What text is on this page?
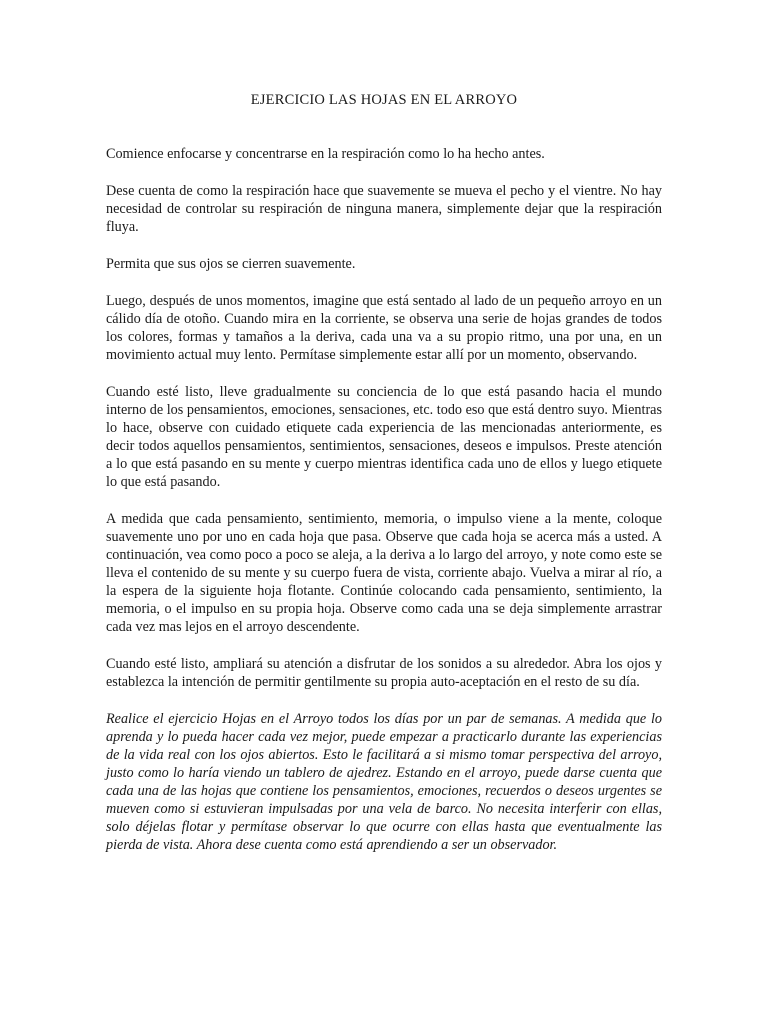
EJERCICIO LAS HOJAS EN EL ARROYO

Comience enfocarse y concentrarse en la respiración como lo ha hecho antes.

Dese cuenta de como la respiración hace que suavemente se mueva el pecho y el vientre. No hay necesidad de controlar su respiración de ninguna manera, simplemente dejar que la respiración fluya.

Permita que sus ojos se cierren suavemente.

Luego, después de unos momentos, imagine que está sentado al lado de un pequeño arroyo en un cálido día de otoño. Cuando mira en la corriente, se observa una serie de hojas grandes de todos los colores, formas y tamaños a la deriva, cada una va a su propio ritmo, una por una, en un movimiento actual muy lento. Permítase simplemente estar allí por un momento, observando.

Cuando esté listo, lleve gradualmente su conciencia de lo que está pasando hacia el mundo interno de los pensamientos, emociones, sensaciones, etc. todo eso que está dentro suyo. Mientras lo hace, observe con cuidado etiquete cada experiencia de las mencionadas anteriormente, es decir todos aquellos pensamientos, sentimientos, sensaciones, deseos e impulsos. Preste atención a lo que está pasando en su mente y cuerpo mientras identifica cada uno de ellos y luego etiquete lo que está pasando.

A medida que cada pensamiento, sentimiento, memoria, o impulso viene a la mente, coloque suavemente uno por uno en cada hoja que pasa. Observe que cada hoja se acerca más a usted. A continuación, vea como poco a poco se aleja, a la deriva a lo largo del arroyo, y note como este se lleva el contenido de su mente y su cuerpo fuera de vista, corriente abajo. Vuelva a mirar al río, a la espera de la siguiente hoja flotante. Continúe colocando cada pensamiento, sentimiento, la memoria, o el impulso en su propia hoja. Observe como cada una se deja simplemente arrastrar cada vez mas lejos en el arroyo descendente.

Cuando esté listo, ampliará su atención a disfrutar de los sonidos a su alrededor. Abra los ojos y establezca la intención de permitir gentilmente su propia auto-aceptación en el resto de su día.

Realice el ejercicio Hojas en el Arroyo todos los días por un par de semanas. A medida que lo aprenda y lo pueda hacer cada vez mejor, puede empezar a practicarlo durante las experiencias de la vida real con los ojos abiertos. Esto le facilitará a si mismo tomar perspectiva del arroyo, justo como lo haría viendo un tablero de ajedrez. Estando en el arroyo, puede darse cuenta que cada una de las hojas que contiene los pensamientos, emociones, recuerdos o deseos urgentes se mueven como si estuvieran impulsadas por una vela de barco. No necesita interferir con ellas, solo déjelas flotar y permítase observar lo que ocurre con ellas hasta que eventualmente las pierda de vista. Ahora dese cuenta como está aprendiendo a ser un observador.
